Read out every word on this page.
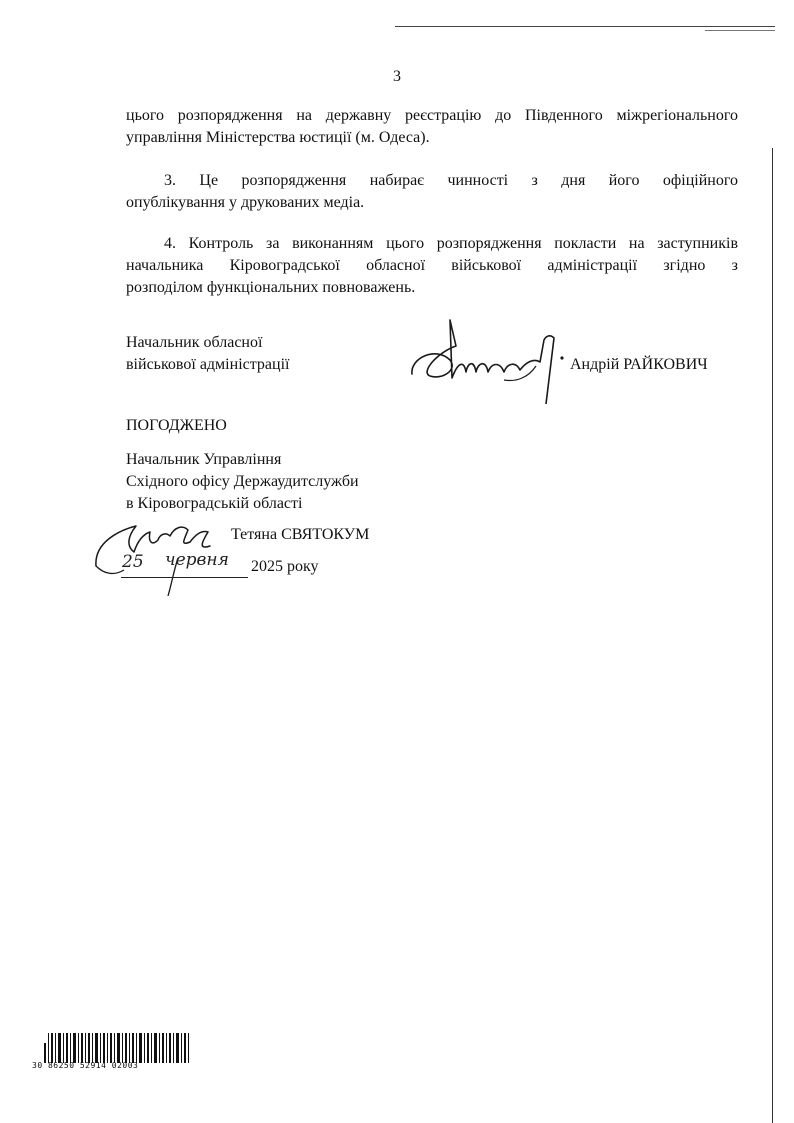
3
цього розпорядження на державну реєстрацію до Південного міжрегіонального
управління Міністерства юстиції (м. Одеса).
3. Це розпорядження набирає чинності з дня його офіційного
опублікування у друкованих медіа.
4. Контроль за виконанням цього розпорядження покласти на заступників
начальника Кіровоградської обласної військової адміністрації згідно з
розподілом функціональних повноважень.
Начальник обласної
військової адміністрації	Андрій РАЙКОВИЧ
ПОГОДЖЕНО
Начальник Управління
Східного офісу Держаудитслужби
в Кіровоградській області
Тетяна СВЯТОКУМ
25 червня 2025 року
30 86250 52914 02003
